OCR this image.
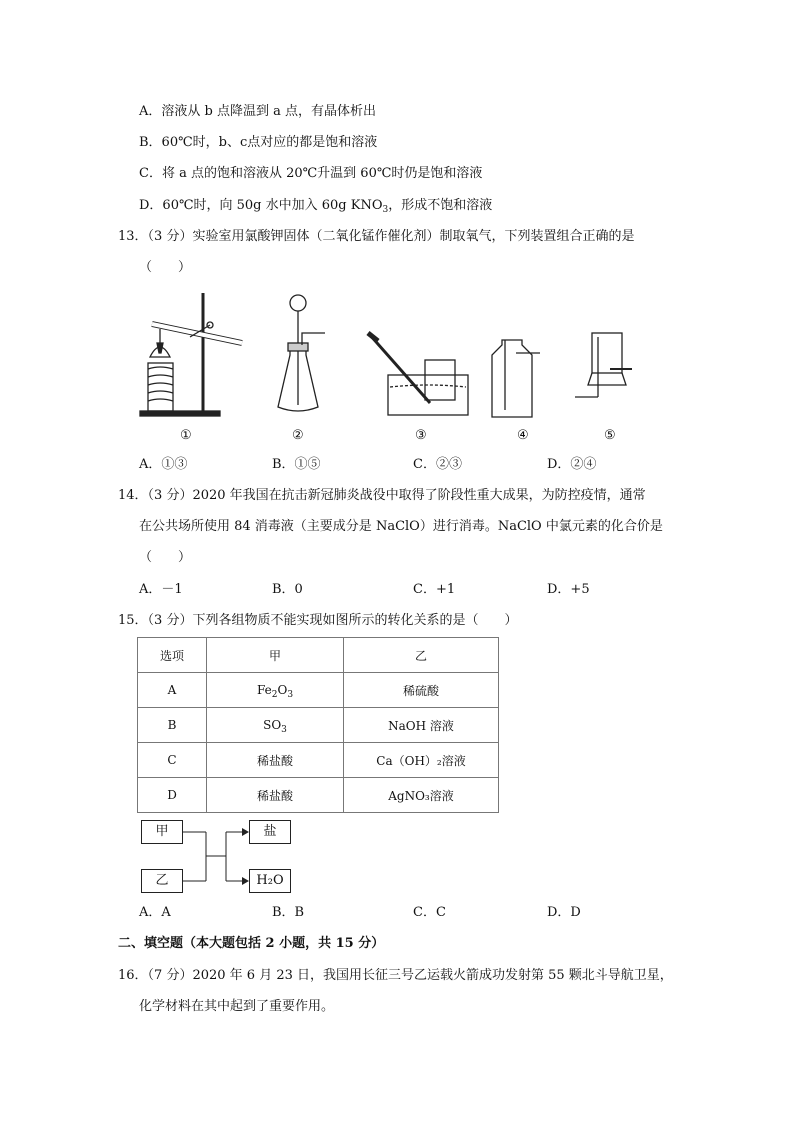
A．溶液从 b 点降温到 a 点，有晶体析出
B．60℃时，b、c点对应的都是饱和溶液
C．将 a 点的饱和溶液从 20℃升温到 60℃时仍是饱和溶液
D．60℃时，向 50g 水中加入 60g $KNO_3$，形成不饱和溶液
13．（3 分）实验室用氯酸钾固体（二氧化锰作催化剂）制取氧气，下列装置组合正确的是
（　　）
①	②	③	④	⑤
A．①③	B．①⑤	C．②③	D．②④
14．（3 分）2020 年我国在抗击新冠肺炎战役中取得了阶段性重大成果，为防控疫情，通常
在公共场所使用 84 消毒液（主要成分是 NaClO）进行消毒。NaClO 中氯元素的化合价是
（　　）
A．－1	B．0	C．+1	D．+5
15．（3 分）下列各组物质不能实现如图所示的转化关系的是（　　）
选项	甲	乙
A	$Fe_2O_3$	稀硫酸
B	$SO_3$	NaOH 溶液
C	稀盐酸	Ca（OH）₂溶液
D	稀盐酸	AgNO₃溶液
甲
乙
盐
H₂O
A．A	B．B	C．C	D．D
二、填空题（本大题包括 2 小题，共 15 分）
16．（7 分）2020 年 6 月 23 日，我国用长征三号乙运载火箭成功发射第 55 颗北斗导航卫星，
化学材料在其中起到了重要作用。
